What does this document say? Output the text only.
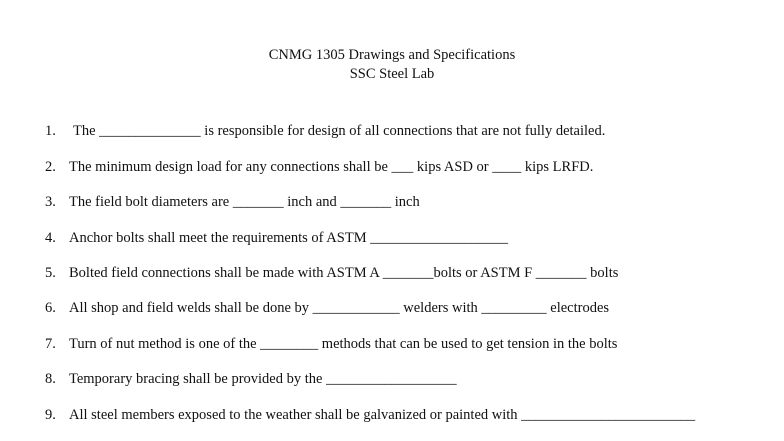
CNMG 1305 Drawings and Specifications
SSC Steel Lab
1. The ______________ is responsible for design of all connections that are not fully detailed.
2. The minimum design load for any connections shall be ___ kips ASD or ____ kips LRFD.
3. The field bolt diameters are _______ inch and _______ inch
4. Anchor bolts shall meet the requirements of ASTM ___________________
5. Bolted field connections shall be made with ASTM A _______bolts or ASTM F _______ bolts
6. All shop and field welds shall be done by ____________ welders with _________ electrodes
7. Turn of nut method is one of the ________ methods that can be used to get tension in the bolts
8. Temporary bracing shall be provided by the __________________
9. All steel members exposed to the weather shall be galvanized or painted with ________________________
